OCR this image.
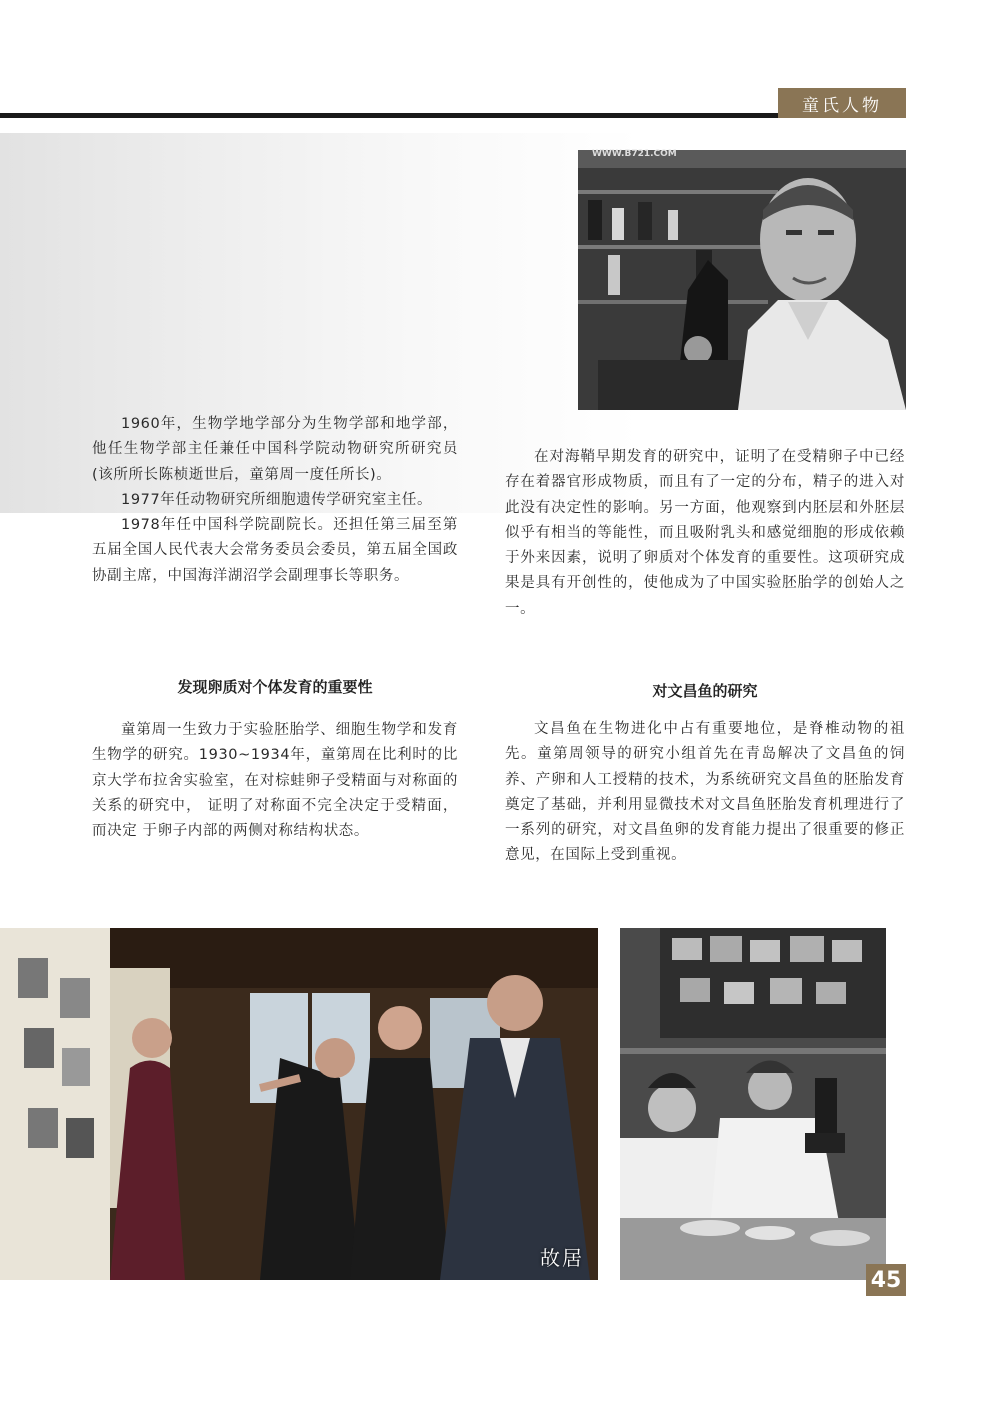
童氏人物
WWW.B721.COM

1960年，生物学地学部分为生物学部和地学部，他任生物学部主任兼任中国科学院动物研究所研究员(该所所长陈桢逝世后，童第周一度任所长)。

1977年任动物研究所细胞遗传学研究室主任。

1978年任中国科学院副院长。还担任第三届至第五届全国人民代表大会常务委员会委员，第五届全国政协副主席，中国海洋湖沼学会副理事长等职务。

发现卵质对个体发育的重要性

童第周一生致力于实验胚胎学、细胞生物学和发育生物学的研究。1930~1934年，童第周在比利时的比京大学布拉舍实验室，在对棕蛙卵子受精面与对称面的关系的研究中， 证明了对称面不完全决定于受精面，而决定 于卵子内部的两侧对称结构状态。

在对海鞘早期发育的研究中，证明了在受精卵子中已经存在着器官形成物质，而且有了一定的分布，精子的进入对此没有决定性的影响。另一方面，他观察到内胚层和外胚层似乎有相当的等能性，而且吸附乳头和感觉细胞的形成依赖于外来因素，说明了卵质对个体发育的重要性。这项研究成果是具有开创性的，使他成为了中国实验胚胎学的创始人之一。

对文昌鱼的研究

文昌鱼在生物进化中占有重要地位，是脊椎动物的祖先。童第周领导的研究小组首先在青岛解决了文昌鱼的饲养、产卵和人工授精的技术，为系统研究文昌鱼的胚胎发育奠定了基础，并利用显微技术对文昌鱼胚胎发育机理进行了一系列的研究，对文昌鱼卵的发育能力提出了很重要的修正意见，在国际上受到重视。

故居
45
